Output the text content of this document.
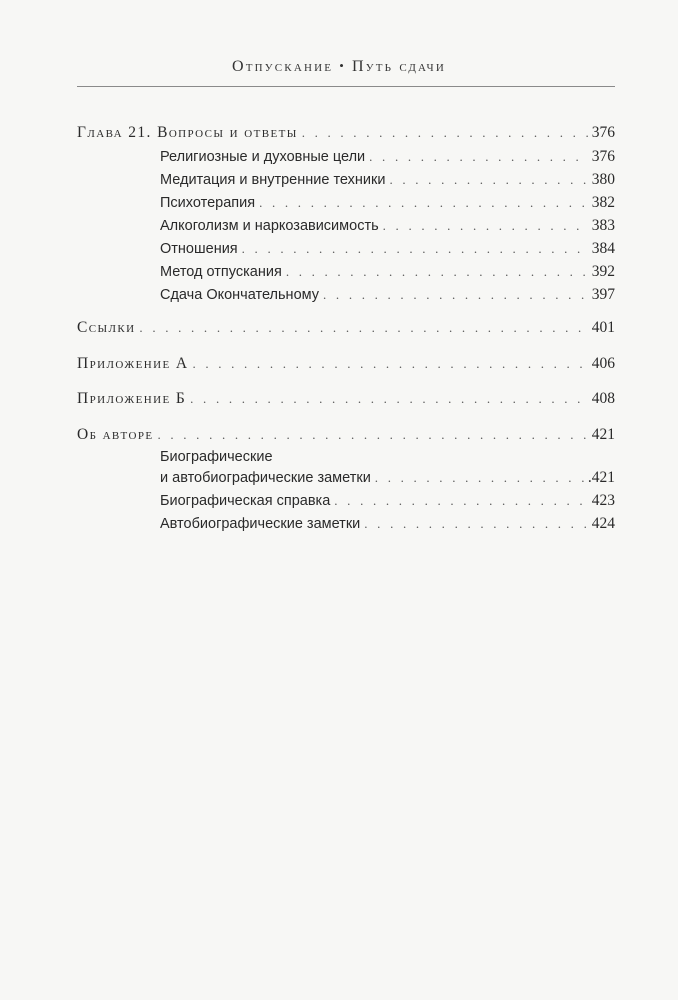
Отпускание • Путь сдачи
Глава 21. Вопросы и ответы . . .	376
Религиозные и духовные цели . . .	376
Медитация и внутренние техники . . .	380
Психотерапия . . .	382
Алкоголизм и наркозависимость . . .	383
Отношения . . .	384
Метод отпускания . . .	392
Сдача Окончательному . . .	397
Ссылки . . .	401
Приложение А . . .	406
Приложение Б . . .	408
Об авторе . . .	421
Биографические
и автобиографические заметки . . .	.421
Биографическая справка . . .	423
Автобиографические заметки . . .	424
